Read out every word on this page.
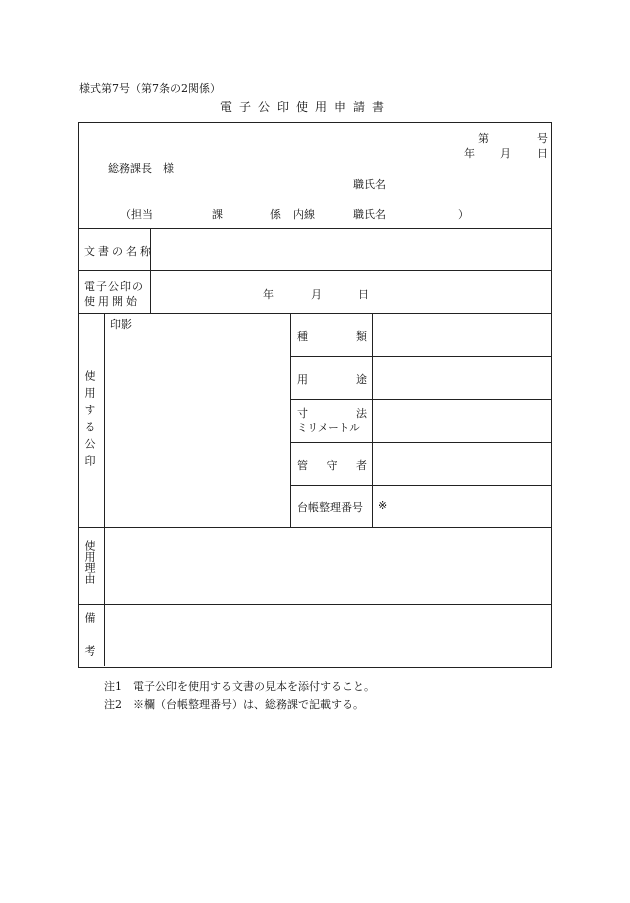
様式第7号（第7条の2関係）
電子公印使用申請書
第	号
年 月 日
総務課長　様
職氏名
（担当	課	係 内線	職氏名	）
文書の名称
電子公印の
使用開始
年	月	日
使用する公印
印影
種	類
用	途
寸	法
ミリメートル
管 守 者
台帳整理番号 ※
使用理由
備考
注1　電子公印を使用する文書の見本を添付すること。
注2　※欄（台帳整理番号）は、総務課で記載する。
